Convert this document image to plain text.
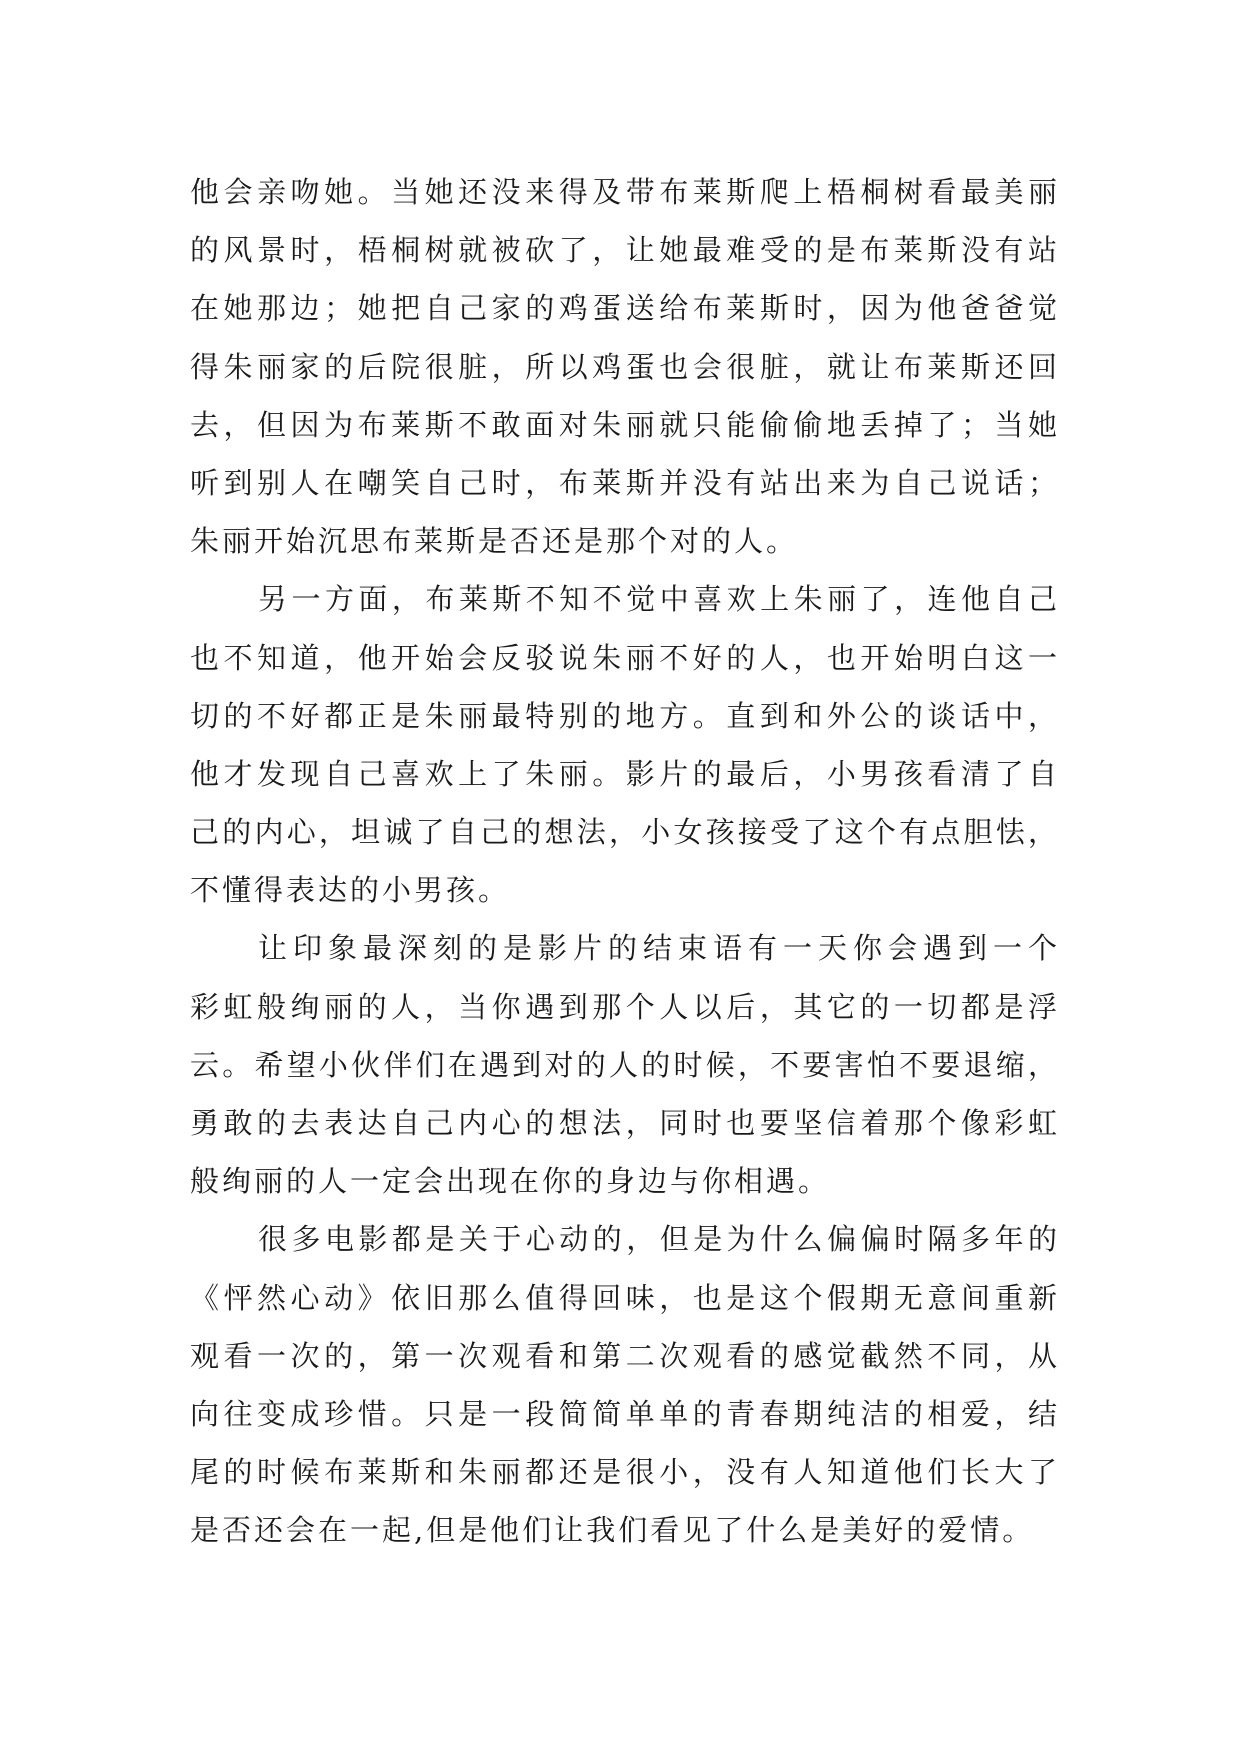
他会亲吻她。当她还没来得及带布莱斯爬上梧桐树看最美丽
的风景时，梧桐树就被砍了，让她最难受的是布莱斯没有站
在她那边；她把自己家的鸡蛋送给布莱斯时，因为他爸爸觉
得朱丽家的后院很脏，所以鸡蛋也会很脏，就让布莱斯还回
去，但因为布莱斯不敢面对朱丽就只能偷偷地丢掉了；当她
听到别人在嘲笑自己时，布莱斯并没有站出来为自己说话；
朱丽开始沉思布莱斯是否还是那个对的人。
另一方面，布莱斯不知不觉中喜欢上朱丽了，连他自己
也不知道，他开始会反驳说朱丽不好的人，也开始明白这一
切的不好都正是朱丽最特别的地方。直到和外公的谈话中，
他才发现自己喜欢上了朱丽。影片的最后，小男孩看清了自
己的内心，坦诚了自己的想法，小女孩接受了这个有点胆怯，
不懂得表达的小男孩。
让印象最深刻的是影片的结束语有一天你会遇到一个
彩虹般绚丽的人，当你遇到那个人以后，其它的一切都是浮
云。希望小伙伴们在遇到对的人的时候，不要害怕不要退缩，
勇敢的去表达自己内心的想法，同时也要坚信着那个像彩虹
般绚丽的人一定会出现在你的身边与你相遇。
很多电影都是关于心动的，但是为什么偏偏时隔多年的
《怦然心动》依旧那么值得回味，也是这个假期无意间重新
观看一次的，第一次观看和第二次观看的感觉截然不同，从
向往变成珍惜。只是一段简简单单的青春期纯洁的相爱，结
尾的时候布莱斯和朱丽都还是很小，没有人知道他们长大了
是否还会在一起,但是他们让我们看见了什么是美好的爱情。
